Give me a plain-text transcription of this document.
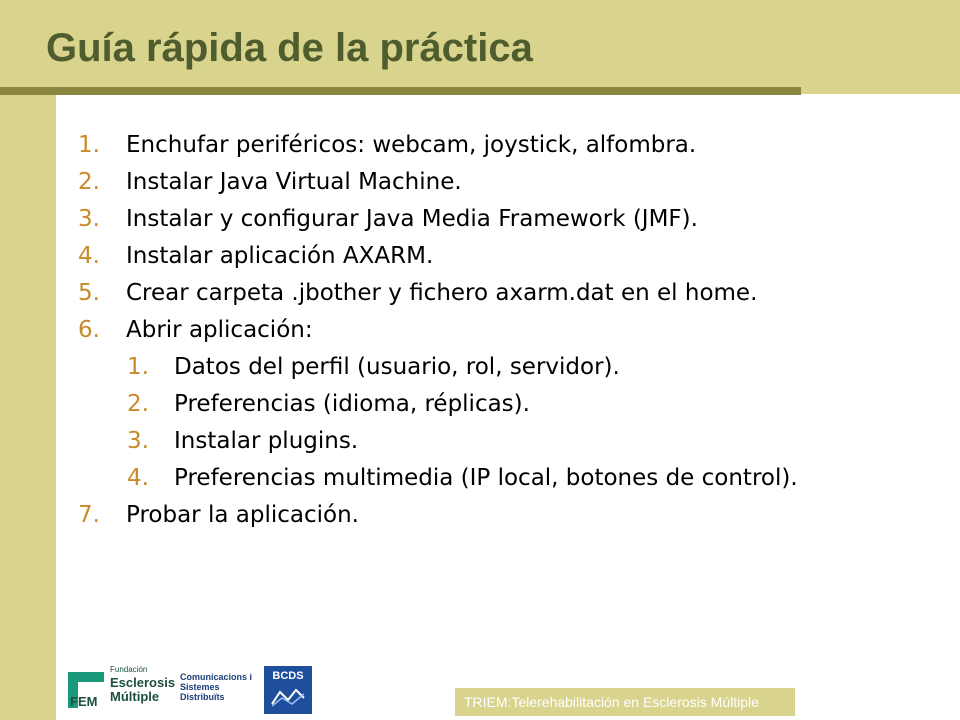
Guía rápida de la práctica
1. Enchufar periféricos: webcam, joystick, alfombra.
2. Instalar Java Virtual Machine.
3. Instalar y configurar Java Media Framework (JMF).
4. Instalar aplicación AXARM.
5. Crear carpeta .jbother y fichero axarm.dat en el home.
6. Abrir aplicación:
1. Datos del perfil (usuario, rol, servidor).
2. Preferencias (idioma, réplicas).
3. Instalar plugins.
4. Preferencias multimedia (IP local, botones de control).
7. Probar la aplicación.
FEM
Fundación
Esclerosis
Múltiple
Comunicacions i
Sistemes
Distribuïts
BCDS
TRIEM:Telerehabilitación en Esclerosis Múltiple
